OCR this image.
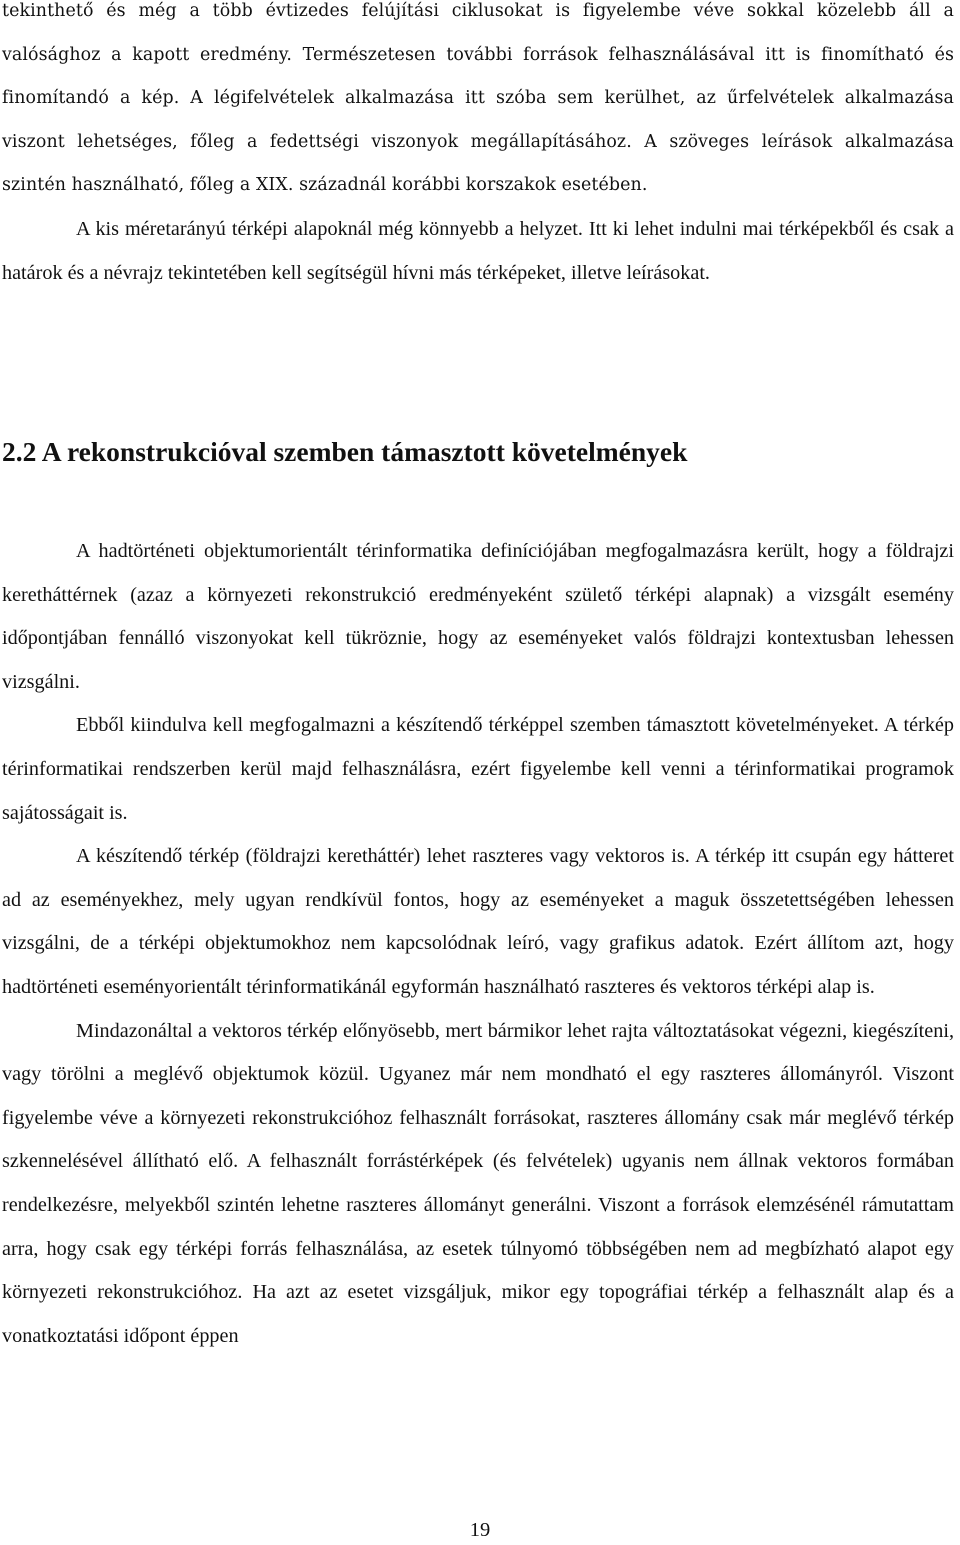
tekinthető és még a több évtizedes felújítási ciklusokat is figyelembe véve sokkal közelebb áll a valósághoz a kapott eredmény. Természetesen további források felhasználásával itt is finomítható és finomítandó a kép. A légifelvételek alkalmazása itt szóba sem kerülhet, az űrfelvételek alkalmazása viszont lehetséges, főleg a fedettségi viszonyok megállapításához. A szöveges leírások alkalmazása szintén használható, főleg a XIX. századnál korábbi korszakok esetében.

A kis méretarányú térképi alapoknál még könnyebb a helyzet. Itt ki lehet indulni mai térképekből és csak a határok és a névrajz tekintetében kell segítségül hívni más térképeket, illetve leírásokat.

2.2 A rekonstrukcióval szemben támasztott követelmények

A hadtörténeti objektumorientált térinformatika definíciójában megfogalmazásra került, hogy a földrajzi keretháttérnek (azaz a környezeti rekonstrukció eredményeként születő térképi alapnak) a vizsgált esemény időpontjában fennálló viszonyokat kell tükröznie, hogy az eseményeket valós földrajzi kontextusban lehessen vizsgálni.

Ebből kiindulva kell megfogalmazni a készítendő térképpel szemben támasztott követelményeket. A térkép térinformatikai rendszerben kerül majd felhasználásra, ezért figyelembe kell venni a térinformatikai programok sajátosságait is.

A készítendő térkép (földrajzi keretháttér) lehet raszteres vagy vektoros is. A térkép itt csupán egy hátteret ad az eseményekhez, mely ugyan rendkívül fontos, hogy az eseményeket a maguk összetettségében lehessen vizsgálni, de a térképi objektumokhoz nem kapcsolódnak leíró, vagy grafikus adatok. Ezért állítom azt, hogy hadtörténeti eseményorientált térinformatikánál egyformán használható raszteres és vektoros térképi alap is.

Mindazonáltal a vektoros térkép előnyösebb, mert bármikor lehet rajta változtatásokat végezni, kiegészíteni, vagy törölni a meglévő objektumok közül. Ugyanez már nem mondható el egy raszteres állományról. Viszont figyelembe véve a környezeti rekonstrukcióhoz felhasznált forrásokat, raszteres állomány csak már meglévő térkép szkennelésével állítható elő. A felhasznált forrástérképek (és felvételek) ugyanis nem állnak vektoros formában rendelkezésre, melyekből szintén lehetne raszteres állományt generálni. Viszont a források elemzésénél rámutattam arra, hogy csak egy térképi forrás felhasználása, az esetek túlnyomó többségében nem ad megbízható alapot egy környezeti rekonstrukcióhoz. Ha azt az esetet vizsgáljuk, mikor egy topográfiai térkép a felhasznált alap és a vonatkoztatási időpont éppen

19
